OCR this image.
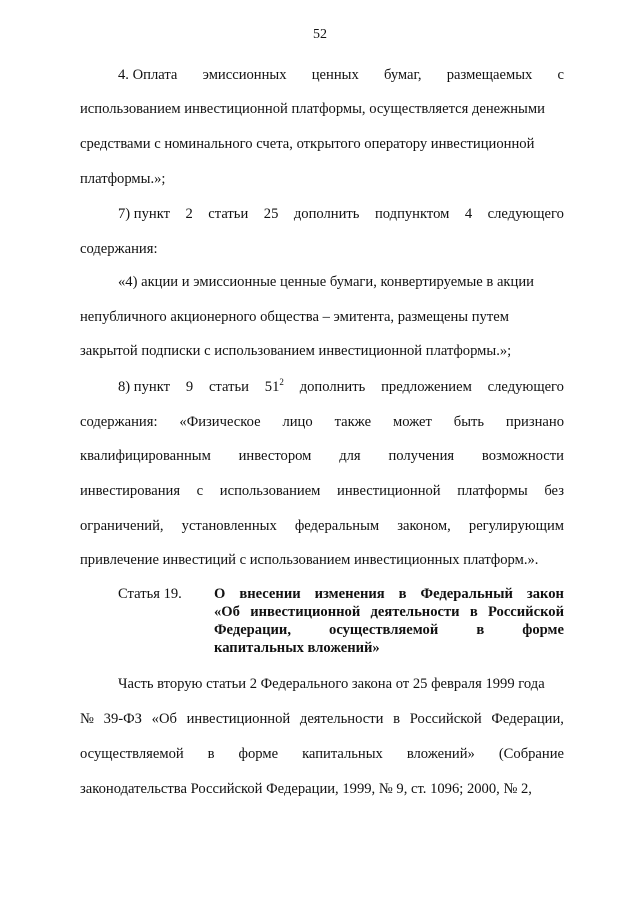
52
4. Оплата эмиссионных ценных бумаг, размещаемых с
использованием инвестиционной платформы, осуществляется денежными
средствами с номинального счета, открытого оператору инвестиционной
платформы.»;
7) пункт 2 статьи 25 дополнить подпунктом 4 следующего
содержания:
«4) акции и эмиссионные ценные бумаги, конвертируемые в акции
непубличного акционерного общества – эмитента, размещены путем
закрытой подписки с использованием инвестиционной платформы.»;
8) пункт 9 статьи $51^2$ дополнить предложением следующего
содержания: «Физическое лицо также может быть признано
квалифицированным инвестором для получения возможности
инвестирования с использованием инвестиционной платформы без
ограничений, установленных федеральным законом, регулирующим
привлечение инвестиций с использованием инвестиционных платформ.».
Статья 19. О внесении изменения в Федеральный закон
«Об инвестиционной деятельности в Российской
Федерации,	осуществляемой	в	форме
капитальных вложений»
Часть вторую статьи 2 Федерального закона от 25 февраля 1999 года
№ 39-ФЗ «Об инвестиционной деятельности в Российской Федерации,
осуществляемой в форме капитальных вложений» (Собрание
законодательства Российской Федерации, 1999, № 9, ст. 1096; 2000, № 2,
